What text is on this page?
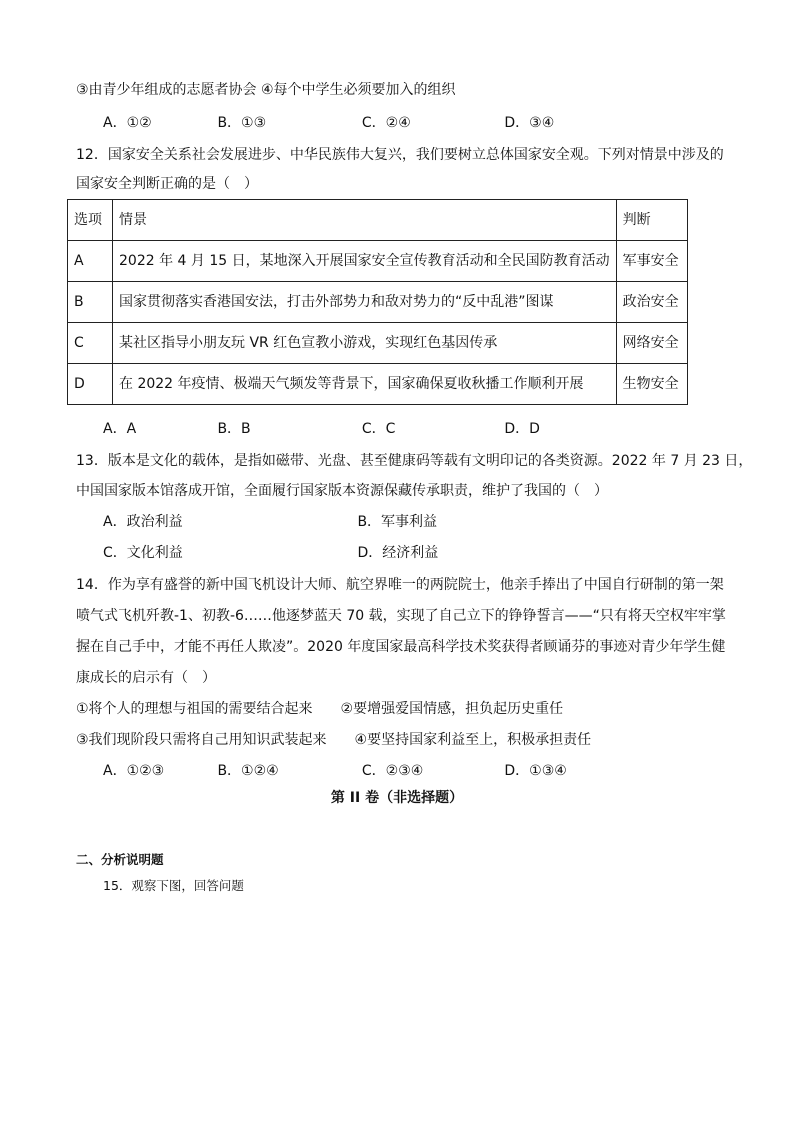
③由青少年组成的志愿者协会 ④每个中学生必须要加入的组织
A．①②	B．①③	C．②④	D．③④
12．国家安全关系社会发展进步、中华民族伟大复兴，我们要树立总体国家安全观。下列对情景中涉及的
国家安全判断正确的是（　）
选项	情景	判断
A	2022 年 4 月 15 日，某地深入开展国家安全宣传教育活动和全民国防教育活动	军事安全
B	国家贯彻落实香港国安法，打击外部势力和敌对势力的“反中乱港”图谋	政治安全
C	某社区指导小朋友玩 VR 红色宣教小游戏，实现红色基因传承	网络安全
D	在 2022 年疫情、极端天气频发等背景下，国家确保夏收秋播工作顺利开展	生物安全
A．A	B．B	C．C	D．D
13．版本是文化的载体，是指如磁带、光盘、甚至健康码等载有文明印记的各类资源。2022 年 7 月 23 日，
中国国家版本馆落成开馆，全面履行国家版本资源保藏传承职责，维护了我国的（　）
A．政治利益	B．军事利益
C．文化利益	D．经济利益
14．作为享有盛誉的新中国飞机设计大师、航空界唯一的两院院士，他亲手捧出了中国自行研制的第一架
喷气式飞机歼教-1、初教-6……他逐梦蓝天 70 载，实现了自己立下的铮铮誓言——“只有将天空权牢牢掌
握在自己手中，才能不再任人欺凌”。2020 年度国家最高科学技术奖获得者顾诵芬的事迹对青少年学生健
康成长的启示有（　）
①将个人的理想与祖国的需要结合起来　　②要增强爱国情感，担负起历史重任
③我们现阶段只需将自己用知识武装起来　　④要坚持国家利益至上，积极承担责任
A．①②③	B．①②④	C．②③④	D．①③④
第 II 卷（非选择题）
二、分析说明题
15．观察下图，回答问题
